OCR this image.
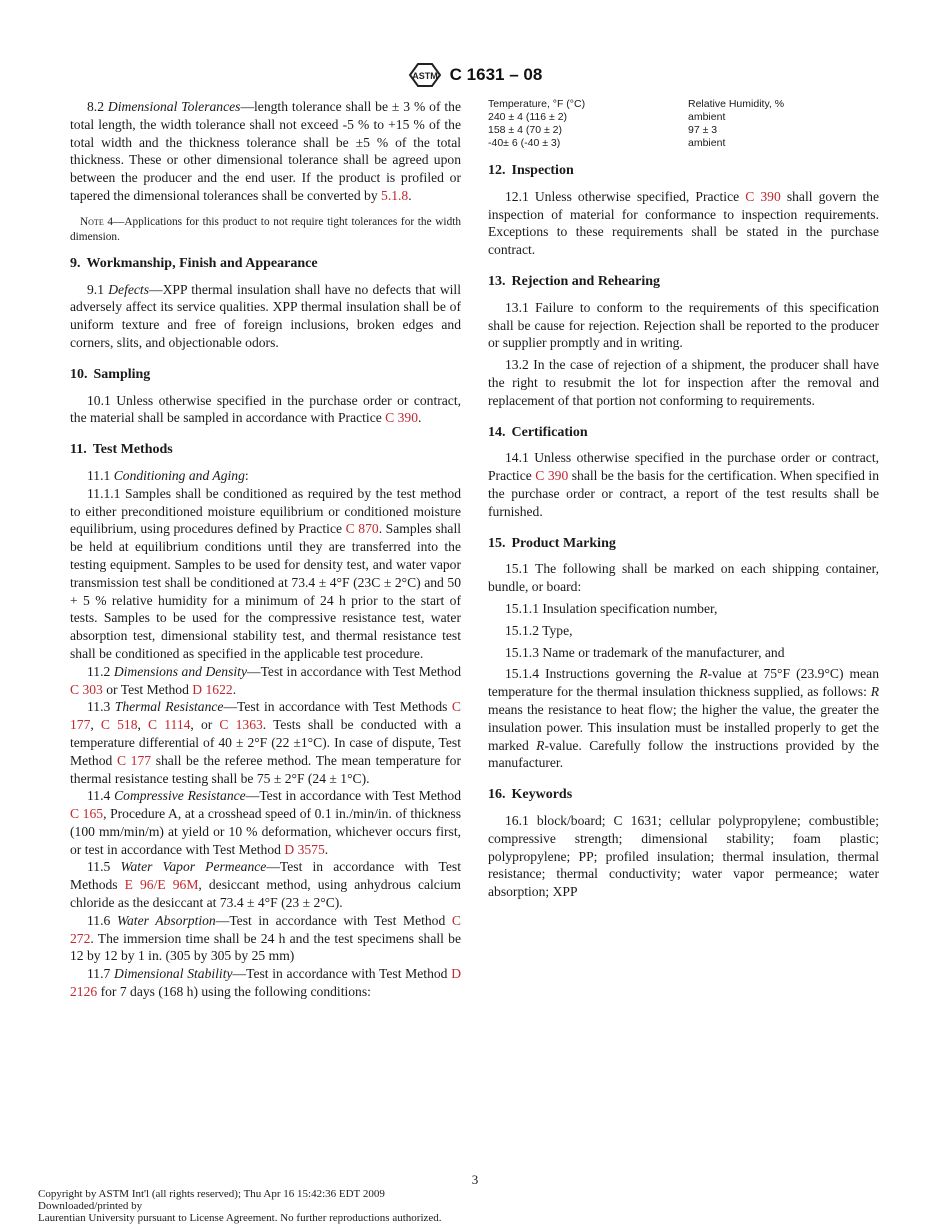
ASTM C 1631 – 08

8.2 Dimensional Tolerances—length tolerance shall be ± 3 % of the total length, the width tolerance shall not exceed -5 % to +15 % of the total width and the thickness tolerance shall be ±5 % of the total thickness. These or other dimensional tolerance shall be agreed upon between the producer and the end user. If the product is profiled or tapered the dimensional tolerances shall be converted by 5.1.8.

Note 4—Applications for this product to not require tight tolerances for the width dimension.

9. Workmanship, Finish and Appearance

9.1 Defects—XPP thermal insulation shall have no defects that will adversely affect its service qualities. XPP thermal insulation shall be of uniform texture and free of foreign inclusions, broken edges and corners, slits, and objectionable odors.

10. Sampling

10.1 Unless otherwise specified in the purchase order or contract, the material shall be sampled in accordance with Practice C 390.

11. Test Methods

11.1 Conditioning and Aging:

11.1.1 Samples shall be conditioned as required by the test method to either preconditioned moisture equilibrium or conditioned moisture equilibrium, using procedures defined by Practice C 870. Samples shall be held at equilibrium conditions until they are transferred into the testing equipment. Samples to be used for density test, and water vapor transmission test shall be conditioned at 73.4 ± 4°F (23C ± 2°C) and 50 + 5 % relative humidity for a minimum of 24 h prior to the start of tests. Samples to be used for the compressive resistance test, water absorption test, dimensional stability test, and thermal resistance test shall be conditioned as specified in the applicable test procedure.

11.2 Dimensions and Density—Test in accordance with Test Method C 303 or Test Method D 1622.

11.3 Thermal Resistance—Test in accordance with Test Methods C 177, C 518, C 1114, or C 1363. Tests shall be conducted with a temperature differential of 40 ± 2°F (22 ±1°C). In case of dispute, Test Method C 177 shall be the referee method. The mean temperature for thermal resistance testing shall be 75 ± 2°F (24 ± 1°C).

11.4 Compressive Resistance—Test in accordance with Test Method C 165, Procedure A, at a crosshead speed of 0.1 in./min/in. of thickness (100 mm/min/m) at yield or 10 % deformation, whichever occurs first, or test in accordance with Test Method D 3575.

11.5 Water Vapor Permeance—Test in accordance with Test Methods E 96/E 96M, desiccant method, using anhydrous calcium chloride as the desiccant at 73.4 ± 4°F (23 ± 2°C).

11.6 Water Absorption—Test in accordance with Test Method C 272. The immersion time shall be 24 h and the test specimens shall be 12 by 12 by 1 in. (305 by 305 by 25 mm)

11.7 Dimensional Stability—Test in accordance with Test Method D 2126 for 7 days (168 h) using the following conditions:

Temperature, °F (°C)	Relative Humidity, %
240 ± 4 (116 ± 2)	ambient
158 ± 4 (70 ± 2)	97 ± 3
-40± 6 (-40 ± 3)	ambient
12. Inspection

12.1 Unless otherwise specified, Practice C 390 shall govern the inspection of material for conformance to inspection requirements. Exceptions to these requirements shall be stated in the purchase contract.

13. Rejection and Rehearing

13.1 Failure to conform to the requirements of this specification shall be cause for rejection. Rejection shall be reported to the producer or supplier promptly and in writing.

13.2 In the case of rejection of a shipment, the producer shall have the right to resubmit the lot for inspection after the removal and replacement of that portion not conforming to requirements.

14. Certification

14.1 Unless otherwise specified in the purchase order or contract, Practice C 390 shall be the basis for the certification. When specified in the purchase order or contract, a report of the test results shall be furnished.

15. Product Marking

15.1 The following shall be marked on each shipping container, bundle, or board:

15.1.1 Insulation specification number,

15.1.2 Type,

15.1.3 Name or trademark of the manufacturer, and

15.1.4 Instructions governing the R-value at 75°F (23.9°C) mean temperature for the thermal insulation thickness supplied, as follows: R means the resistance to heat flow; the higher the value, the greater the insulation power. This insulation must be installed properly to get the marked R-value. Carefully follow the instructions provided by the manufacturer.

16. Keywords

16.1 block/board; C 1631; cellular polypropylene; combustible; compressive strength; dimensional stability; foam plastic; polypropylene; PP; profiled insulation; thermal insulation, thermal resistance; thermal conductivity; water vapor permeance; water absorption; XPP

3
Copyright by ASTM Int'l (all rights reserved); Thu Apr 16 15:42:36 EDT 2009
Downloaded/printed by
Laurentian University pursuant to License Agreement. No further reproductions authorized.
